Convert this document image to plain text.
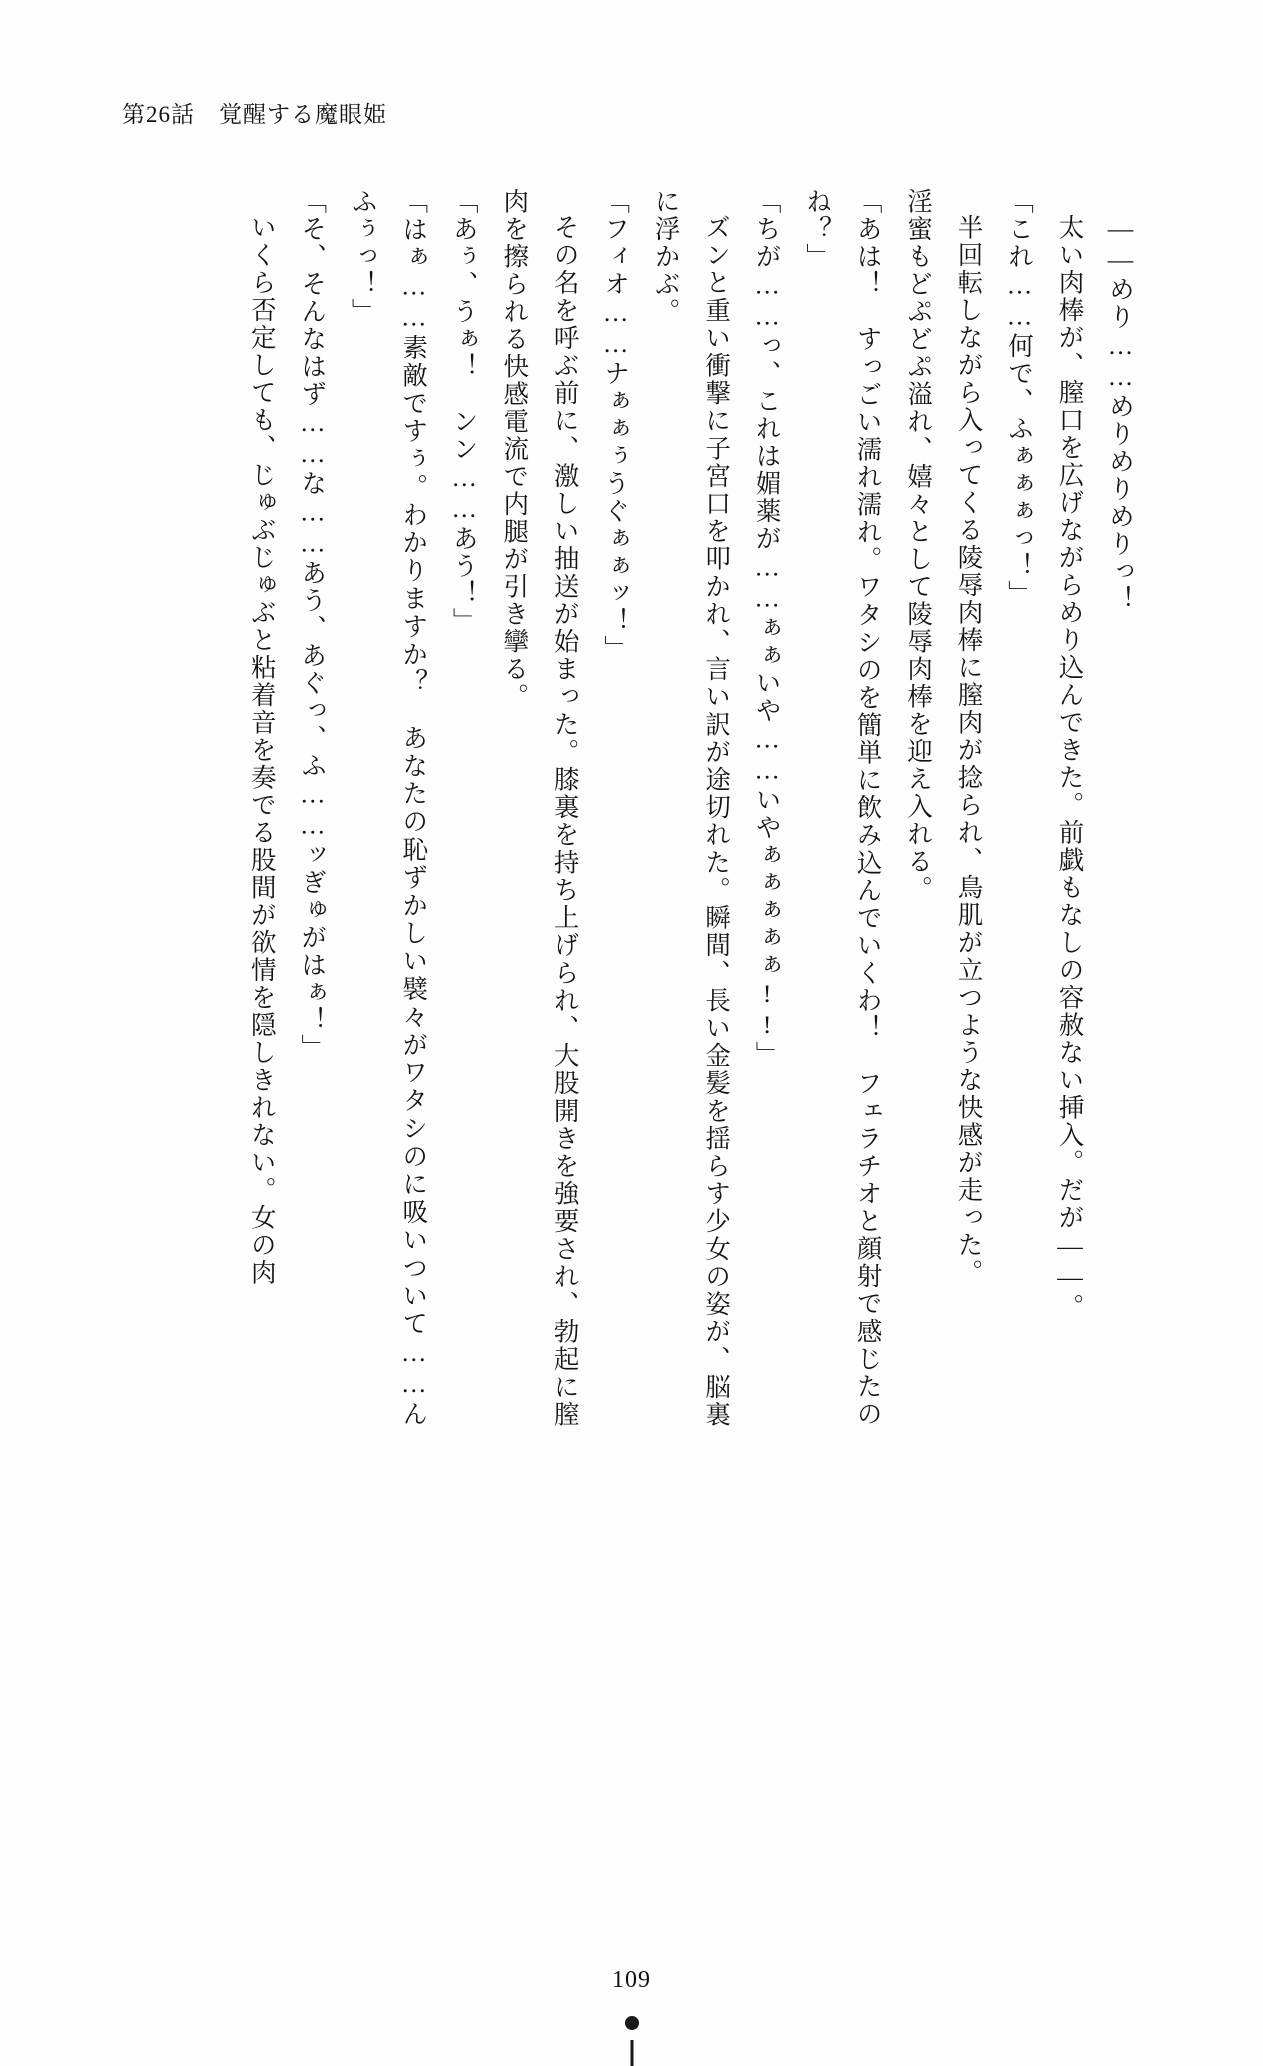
第26話　覚醒する魔眼姫

――めり……めりめりめりっ！

太い肉棒が、膣口を広げながらめり込んできた。前戯もなしの容赦ない挿入。だが――。

「これ……何で、ふぁぁぁっ！」

半回転しながら入ってくる陵辱肉棒に膣肉が捻られ、鳥肌が立つような快感が走った。

淫蜜もどぷどぷ溢れ、嬉々として陵辱肉棒を迎え入れる。

「あは！　すっごい濡れ濡れ。ワタシのを簡単に飲み込んでいくわ！　フェラチオと顔射で感じたのね？」

「ちが……っ、これは媚薬が……ぁぁいや……いやぁぁぁぁぁ!!」

ズンと重い衝撃に子宮口を叩かれ、言い訳が途切れた。瞬間、長い金髪を揺らす少女の姿が、脳裏に浮かぶ。

「フィオ……ナぁぁぅうぐぁぁッ！」

その名を呼ぶ前に、激しい抽送が始まった。膝裏を持ち上げられ、大股開きを強要され、勃起に膣肉を擦られる快感電流で内腿が引き攣る。

「あぅ、うぁ！　ンン……あう！」

「はぁ……素敵ですぅ。わかりますか？　あなたの恥ずかしい襞々がワタシのに吸いついて……んふぅっ！」

「そ、そんなはず……な……あう、あぐっ、ふ……ッぎゅがはぁ！」

いくら否定しても、じゅぶじゅぶと粘着音を奏でる股間が欲情を隠しきれない。女の肉

109
